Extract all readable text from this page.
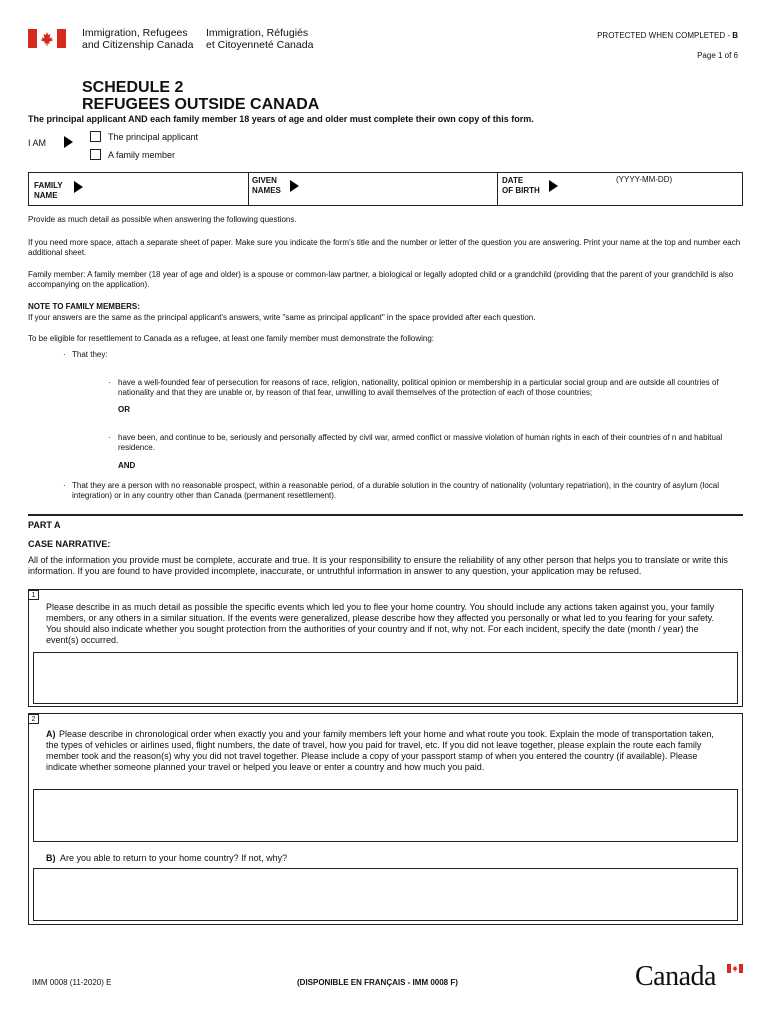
Immigration, Refugees
and Citizenship Canada
Immigration, Réfugiés
et Citoyenneté Canada
PROTECTED WHEN COMPLETED - B
Page 1 of 6
SCHEDULE 2
REFUGEES OUTSIDE CANADA
The principal applicant AND each family member 18 years of age and older must complete their own copy of this form.
I AM
The principal applicant
A family member
FAMILY
NAME
GIVEN
NAMES
DATE
OF BIRTH
(YYYY-MM-DD)
Provide as much detail as possible when answering the following questions.
If you need more space, attach a separate sheet of paper. Make sure you indicate the form's title and the number or letter of the question you are answering. Print your name at the top and number each additional sheet.
Family member: A family member (18 year of age and older) is a spouse or common-law partner, a biological or legally adopted child or a grandchild (providing that the parent of your grandchild is also accompanying on the application).
NOTE TO FAMILY MEMBERS:
If your answers are the same as the principal applicant's answers, write "same as principal applicant" in the space provided after each question.
To be eligible for resettlement to Canada as a refugee, at least one family member must demonstrate the following:
· That they:
· have a well-founded fear of persecution for reasons of race, religion, nationality, political opinion or membership in a particular social group and are outside all countries of nationality and that they are unable or, by reason of that fear, unwilling to avail themselves of the protection of each of those countries;
OR
· have been, and continue to be, seriously and personally affected by civil war, armed conflict or massive violation of human rights in each of their countries of n and habitual residence.
AND
· That they are a person with no reasonable prospect, within a reasonable period, of a durable solution in the country of nationality (voluntary repatriation), in the country of asylum (local integration) or in any country other than Canada (permanent resettlement).
PART A
CASE NARRATIVE:
All of the information you provide must be complete, accurate and true. It is your responsibility to ensure the reliability of any other person that helps you to translate or write this information. If you are found to have provided incomplete, inaccurate, or untruthful information in answer to any question, your application may be refused.
1
Please describe in as much detail as possible the specific events which led you to flee your home country. You should include any actions taken against you, your family members, or any others in a similar situation. If the events were generalized, please describe how they affected you personally or what led to you fearing for your safety. You should also indicate whether you sought protection from the authorities of your country and if not, why not. For each incident, specify the date (month / year) the event(s) occurred.
2
A) Please describe in chronological order when exactly you and your family members left your home and what route you took. Explain the mode of transportation taken, the types of vehicles or airlines used, flight numbers, the date of travel, how you paid for travel, etc. If you did not leave together, please explain the route each family member took and the reason(s) why you did not travel together. Please include a copy of your passport stamp of when you entered the country (if available). Please indicate whether someone planned your travel or helped you leave or enter a country and how much you paid.
B) Are you able to return to your home country? If not, why?
IMM 0008 (11-2020) E	(DISPONIBLE EN FRANÇAIS - IMM 0008 F)	Canada
